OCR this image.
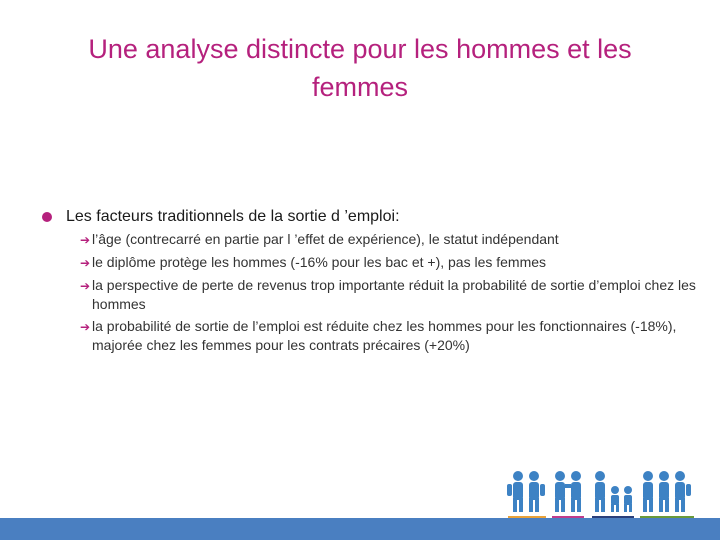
Une analyse distincte pour les hommes et les femmes
Les facteurs traditionnels de la sortie d ’emploi:
➔ l’âge (contrecarré en partie par l ’effet de expérience), le statut indépendant
➔ le diplôme protège les hommes (-16% pour les bac et +), pas les femmes
➔ la perspective de perte de revenus trop importante réduit la probabilité de sortie d’emploi chez les hommes
➔ la probabilité de sortie de l’emploi est réduite chez les hommes pour les fonctionnaires (-18%), majorée chez les femmes pour les contrats précaires (+20%)
